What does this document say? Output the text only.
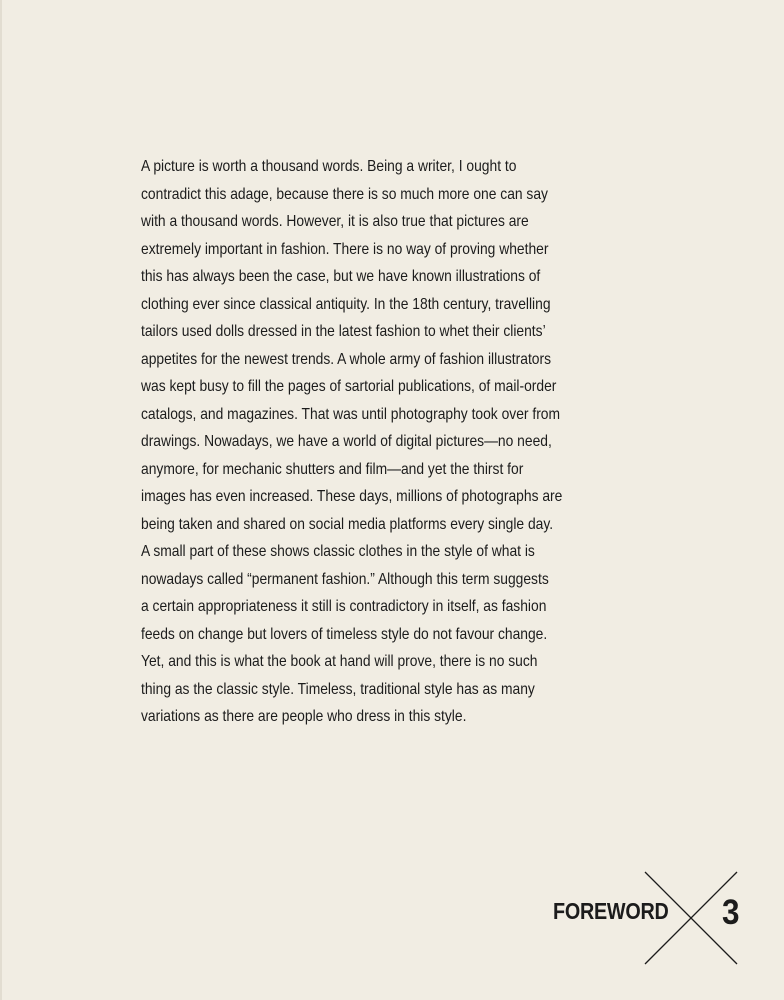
A picture is worth a thousand words. Being a writer, I ought to
contradict this adage, because there is so much more one can say
with a thousand words. However, it is also true that pictures are
extremely important in fashion. There is no way of proving whether
this has always been the case, but we have known illustrations of
clothing ever since classical antiquity. In the 18th century, travelling
tailors used dolls dressed in the latest fashion to whet their clients’
appetites for the newest trends. A whole army of fashion illustrators
was kept busy to fill the pages of sartorial publications, of mail-order
catalogs, and magazines. That was until photography took over from
drawings. Nowadays, we have a world of digital pictures—no need,
anymore, for mechanic shutters and film—and yet the thirst for
images has even increased. These days, millions of photographs are
being taken and shared on social media platforms every single day.
A small part of these shows classic clothes in the style of what is
nowadays called “permanent fashion.” Although this term suggests
a certain appropriateness it still is contradictory in itself, as fashion
feeds on change but lovers of timeless style do not favour change.
Yet, and this is what the book at hand will prove, there is no such
thing as the classic style. Timeless, traditional style has as many
variations as there are people who dress in this style.
FOREWORD 3
